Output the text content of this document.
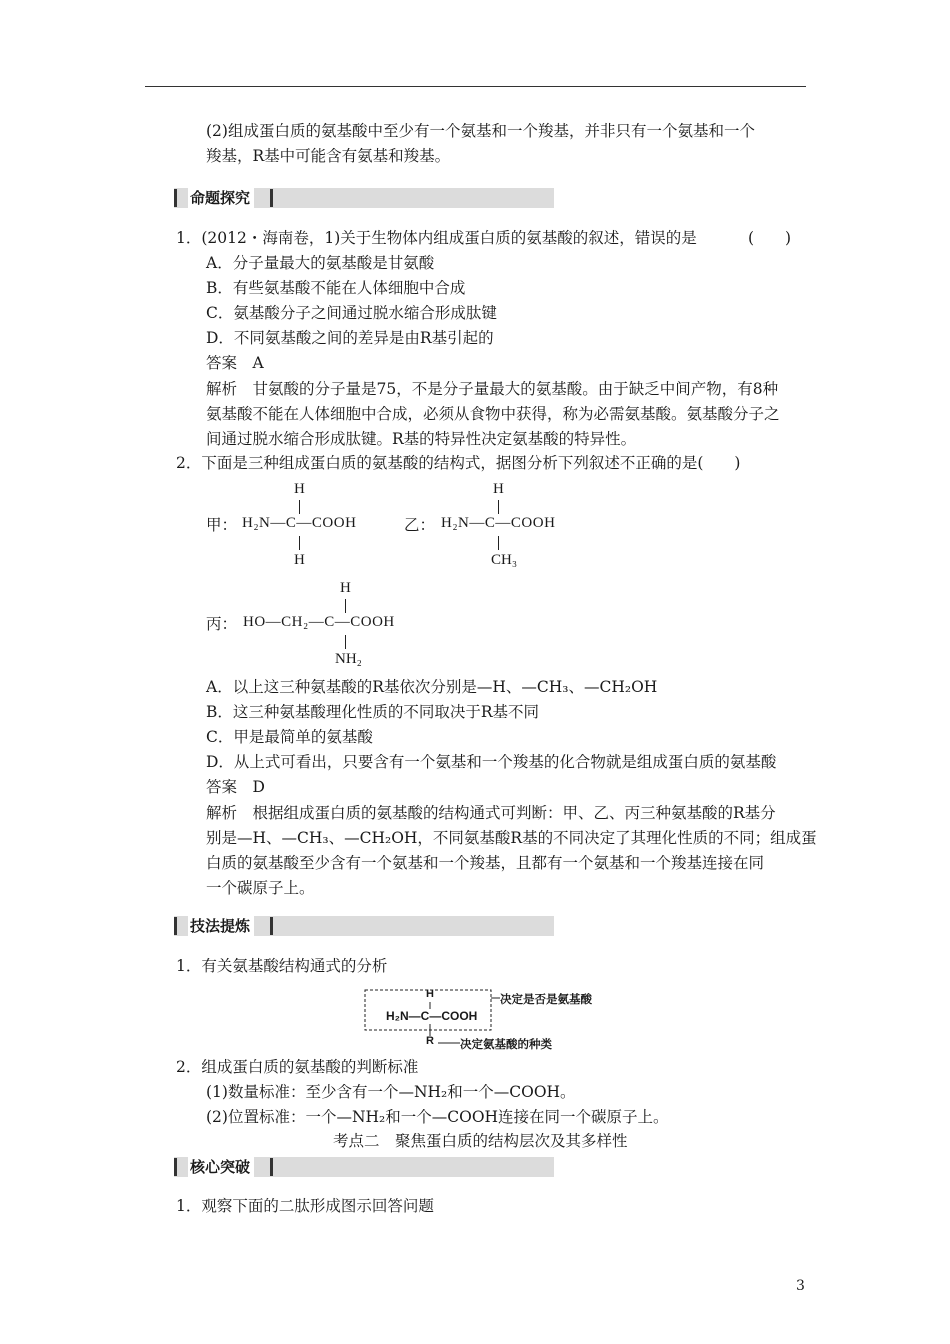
(2)组成蛋白质的氨基酸中至少有一个氨基和一个羧基，并非只有一个氨基和一个
羧基，R基中可能含有氨基和羧基。
命题探究
1．(2012・海南卷，1)关于生物体内组成蛋白质的氨基酸的叙述，错误的是	(　　)
A．分子量最大的氨基酸是甘氨酸
B．有些氨基酸不能在人体细胞中合成
C．氨基酸分子之间通过脱水缩合形成肽键
D．不同氨基酸之间的差异是由R基引起的
答案　A
解析　甘氨酸的分子量是75，不是分子量最大的氨基酸。由于缺乏中间产物，有8种
氨基酸不能在人体细胞中合成，必须从食物中获得，称为必需氨基酸。氨基酸分子之
间通过脱水缩合形成肽键。R基的特异性决定氨基酸的特异性。
2．下面是三种组成蛋白质的氨基酸的结构式，据图分析下列叙述不正确的是(　　)
H
甲： H₂N—C—COOH
H
H
乙： H₂N—C—COOH
CH₃
H
丙： HO—CH₂—C—COOH
NH₂
A．以上这三种氨基酸的R基依次分别是—H、—CH₃、—CH₂OH
B．这三种氨基酸理化性质的不同取决于R基不同
C．甲是最简单的氨基酸
D．从上式可看出，只要含有一个氨基和一个羧基的化合物就是组成蛋白质的氨基酸
答案　D
解析　根据组成蛋白质的氨基酸的结构通式可判断：甲、乙、丙三种氨基酸的R基分
别是—H、—CH₃、—CH₂OH，不同氨基酸R基的不同决定了其理化性质的不同；组成蛋
白质的氨基酸至少含有一个氨基和一个羧基，且都有一个氨基和一个羧基连接在同
一个碳原子上。
技法提炼
1．有关氨基酸结构通式的分析
H
H₂N—C—COOH
R
决定是否是氨基酸
决定氨基酸的种类
2．组成蛋白质的氨基酸的判断标准
(1)数量标准：至少含有一个—NH₂和一个—COOH。
(2)位置标准：一个—NH₂和一个—COOH连接在同一个碳原子上。
考点二　聚焦蛋白质的结构层次及其多样性
核心突破
1．观察下面的二肽形成图示回答问题
3
